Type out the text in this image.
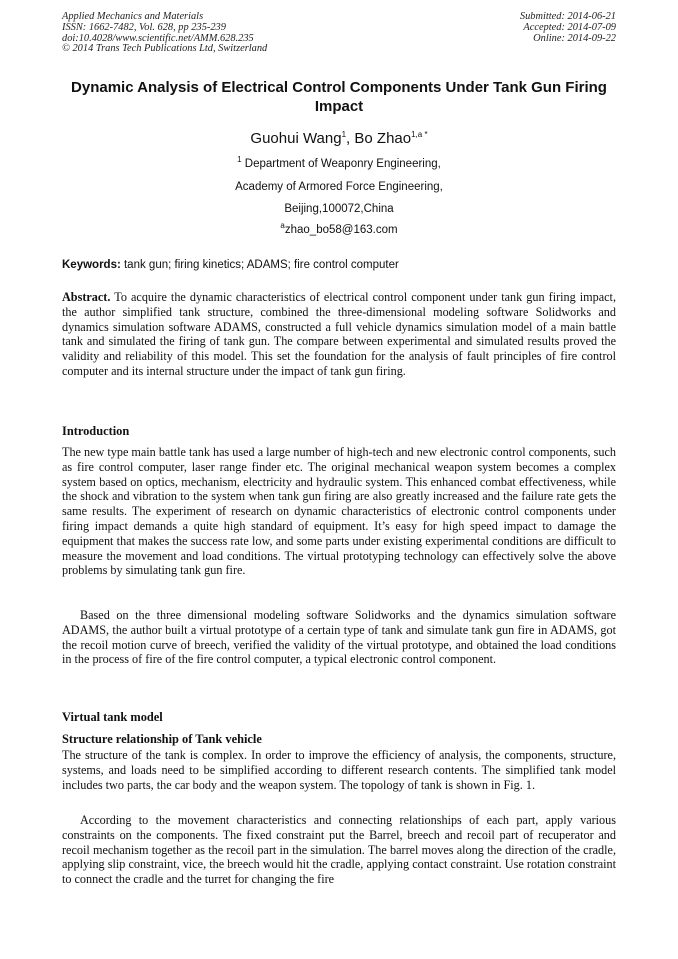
Applied Mechanics and Materials
ISSN: 1662-7482, Vol. 628, pp 235-239
doi:10.4028/www.scientific.net/AMM.628.235
© 2014 Trans Tech Publications Ltd, Switzerland
Submitted: 2014-06-21
Accepted: 2014-07-09
Online: 2014-09-22
Dynamic Analysis of Electrical Control Components Under Tank Gun Firing Impact
Guohui Wang$^1$, Bo Zhao$^{1,a *}$
$^1$ Department of Weaponry Engineering,
Academy of Armored Force Engineering,
Beijing,100072,China
$^a$zhao_bo58@163.com
Keywords: tank gun; firing kinetics; ADAMS; fire control computer

Abstract. To acquire the dynamic characteristics of electrical control component under tank gun firing impact, the author simplified tank structure, combined the three-dimensional modeling software Solidworks and dynamics simulation software ADAMS, constructed a full vehicle dynamics simulation model of a main battle tank and simulated the firing of tank gun. The compare between experimental and simulated results proved the validity and reliability of this model. This set the foundation for the analysis of fault principles of fire control computer and its internal structure under the impact of tank gun firing.

Introduction

The new type main battle tank has used a large number of high-tech and new electronic control components, such as fire control computer, laser range finder etc. The original mechanical weapon system becomes a complex system based on optics, mechanism, electricity and hydraulic system. This enhanced combat effectiveness, while the shock and vibration to the system when tank gun firing are also greatly increased and the failure rate gets the same results. The experiment of research on dynamic characteristics of electronic control components under firing impact demands a quite high standard of equipment. It’s easy for high speed impact to damage the equipment that makes the success rate low, and some parts under existing experimental conditions are difficult to measure the movement and load conditions. The virtual prototyping technology can effectively solve the above problems by simulating tank gun fire.

Based on the three dimensional modeling software Solidworks and the dynamics simulation software ADAMS, the author built a virtual prototype of a certain type of tank and simulate tank gun fire in ADAMS, got the recoil motion curve of breech, verified the validity of the virtual prototype, and obtained the load conditions in the process of fire of the fire control computer, a typical electronic control component.

Virtual tank model
Structure relationship of Tank vehicle

The structure of the tank is complex. In order to improve the efficiency of analysis, the components, structure, systems, and loads need to be simplified according to different research contents. The simplified tank model includes two parts, the car body and the weapon system. The topology of tank is shown in Fig. 1.

According to the movement characteristics and connecting relationships of each part, apply various constraints on the components. The fixed constraint put the Barrel, breech and recoil part of recuperator and recoil mechanism together as the recoil part in the simulation. The barrel moves along the direction of the cradle, applying slip constraint, vice, the breech would hit the cradle, applying contact constraint. Use rotation constraint to connect the cradle and the turret for changing the fire
